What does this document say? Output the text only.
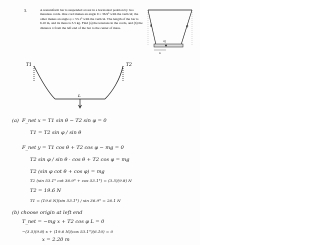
3.	A nonuniform bar is suspended at rest in a horizontal position by two massless cords. One cord makes an angle θ = 36.9° with the vertical; the other makes an angle φ = 53.1° with the vertical. The length of the bar is 6.10 m, and its mass is 3.5 kg. Find (a) the tensions in the cords, and (b) the distance x from the left end of the bar to the center of mass.	θ	φ
x
cg
T1	T2
L
(a) F_net x = T1 sin θ − T2 sin φ = 0
T1 = T2 sin φ / sin θ
F_net y = T1 cos θ + T2 cos φ − mg = 0
T2 sin φ / sin θ · cos θ + T2 cos φ = mg
T2 (sin φ cot θ + cos φ) = mg
T2 (sin 53.1° cot 36.9° + cos 53.1°) = (3.5)(9.8) N
T2 = 19.6 N
T1 = (19.6 N)(sin 53.1°) / sin 36.9° = 26.1 N
(b) choose origin at left end
T_net = −mg x + T2 cos φ L = 0
−(3.5)(9.8) x + (19.6 N)(cos 53.1°)(6.10) = 0
x = 2.20 m
